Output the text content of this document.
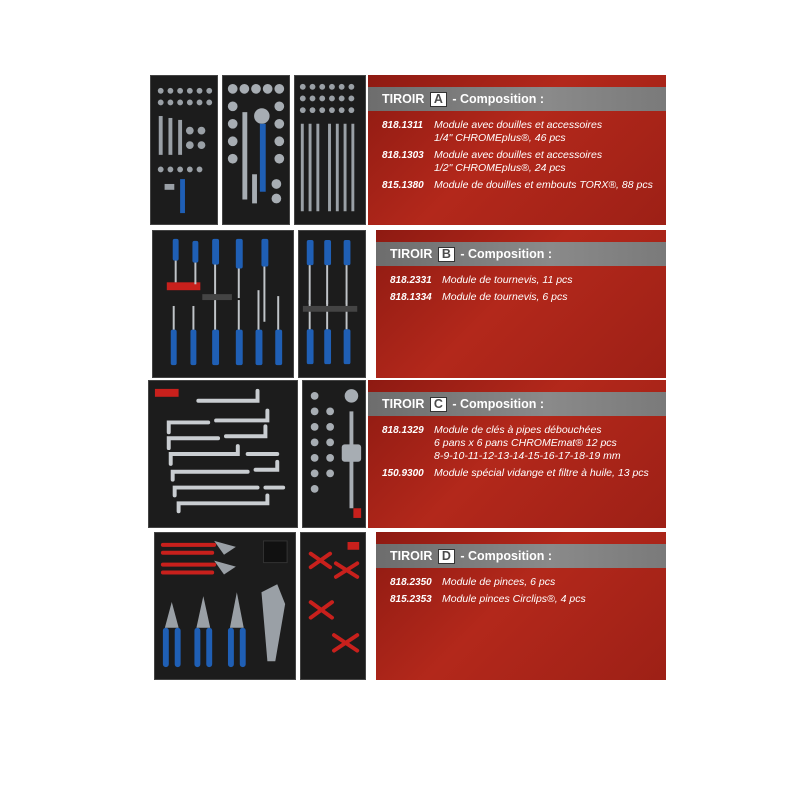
TIROIR A - Composition :
818.1311	Module avec douilles et accessoires
1/4" CHROMEplus®, 46 pcs
818.1303 Module avec douilles et accessoires
1/2" CHROMEplus®, 24 pcs
815.1380 Module de douilles et embouts TORX®, 88 pcs
TIROIR B - Composition :
818.2331 Module de tournevis, 11 pcs
818.1334 Module de tournevis, 6 pcs
TIROIR C - Composition :
818.1329 Module de clés à pipes débouchées
6 pans x 6 pans CHROMEmat® 12 pcs
8-9-10-11-12-13-14-15-16-17-18-19 mm
150.9300 Module spécial vidange et filtre à huile, 13 pcs
TIROIR D - Composition :
818.2350 Module de pinces, 6 pcs
815.2353 Module pinces Circlips®, 4 pcs
